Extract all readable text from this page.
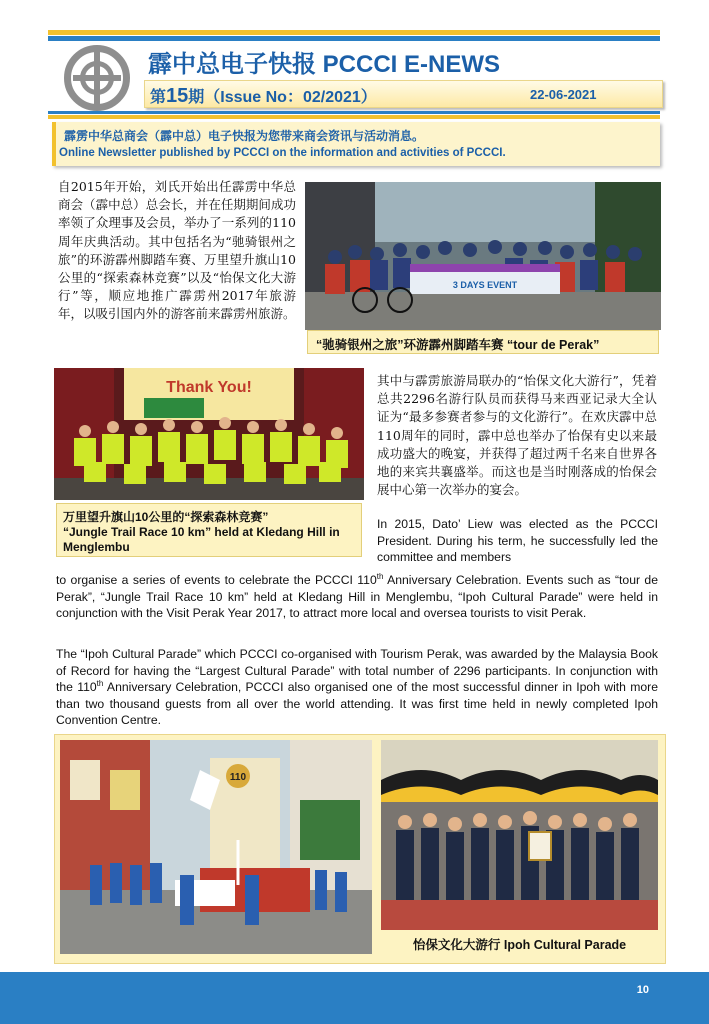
霹中总电子快报 PCCCI E-NEWS
第15期（Issue No：02/2021）	22-06-2021
霹雳中华总商会（霹中总）电子快报为您带来商会资讯与活动消息。
Online Newsletter published by PCCCI on the information and activities of PCCCI.
自2015年开始，刘氏开始出任霹雳中华总商会（霹中总）总会长，并在任期期间成功率领了众理事及会员，举办了一系列的110周年庆典活动。其中包括名为“驰骑银州之旅”的环游霹州脚踏车赛、万里望升旗山10公里的“探索森林竞赛”以及“怡保文化大游行”等，顺应地推广霹雳州2017年旅游年，以吸引国内外的游客前来霹雳州旅游。
3 DAYS EVENT
“驰骑银州之旅”环游霹州脚踏车赛 “tour de Perak”
Thank You!
万里望升旗山10公里的“探索森林竞赛”
“Jungle Trail Race 10 km” held at Kledang Hill in Menglembu
其中与霹雳旅游局联办的“怡保文化大游行”，凭着总共2296名游行队员而获得马来西亚记录大全认证为“最多参赛者参与的文化游行”。在欢庆霹中总110周年的同时，霹中总也举办了怡保有史以来最成功盛大的晚宴，并获得了超过两千名来自世界各地的来宾共襄盛举。而这也是当时刚落成的怡保会展中心第一次举办的宴会。
In 2015, Dato’ Liew was elected as the PCCCI President. During his term, he successfully led the committee and members
to organise a series of events to celebrate the PCCCI 110th Anniversary Celebration. Events such as “tour de Perak”, “Jungle Trail Race 10 km” held at Kledang Hill in Menglembu, “Ipoh Cultural Parade” were held in conjunction with the Visit Perak Year 2017, to attract more local and oversea tourists to visit Perak.
The “Ipoh Cultural Parade” which PCCCI co-organised with Tourism Perak, was awarded by the Malaysia Book of Record for having the “Largest Cultural Parade” with total number of 2296 participants. In conjunction with the 110th Anniversary Celebration, PCCCI also organised one of the most successful dinner in Ipoh with more than two thousand guests from all over the world attending. It was first time held in newly completed Ipoh Convention Centre.
110
怡保文化大游行 Ipoh Cultural Parade
10
